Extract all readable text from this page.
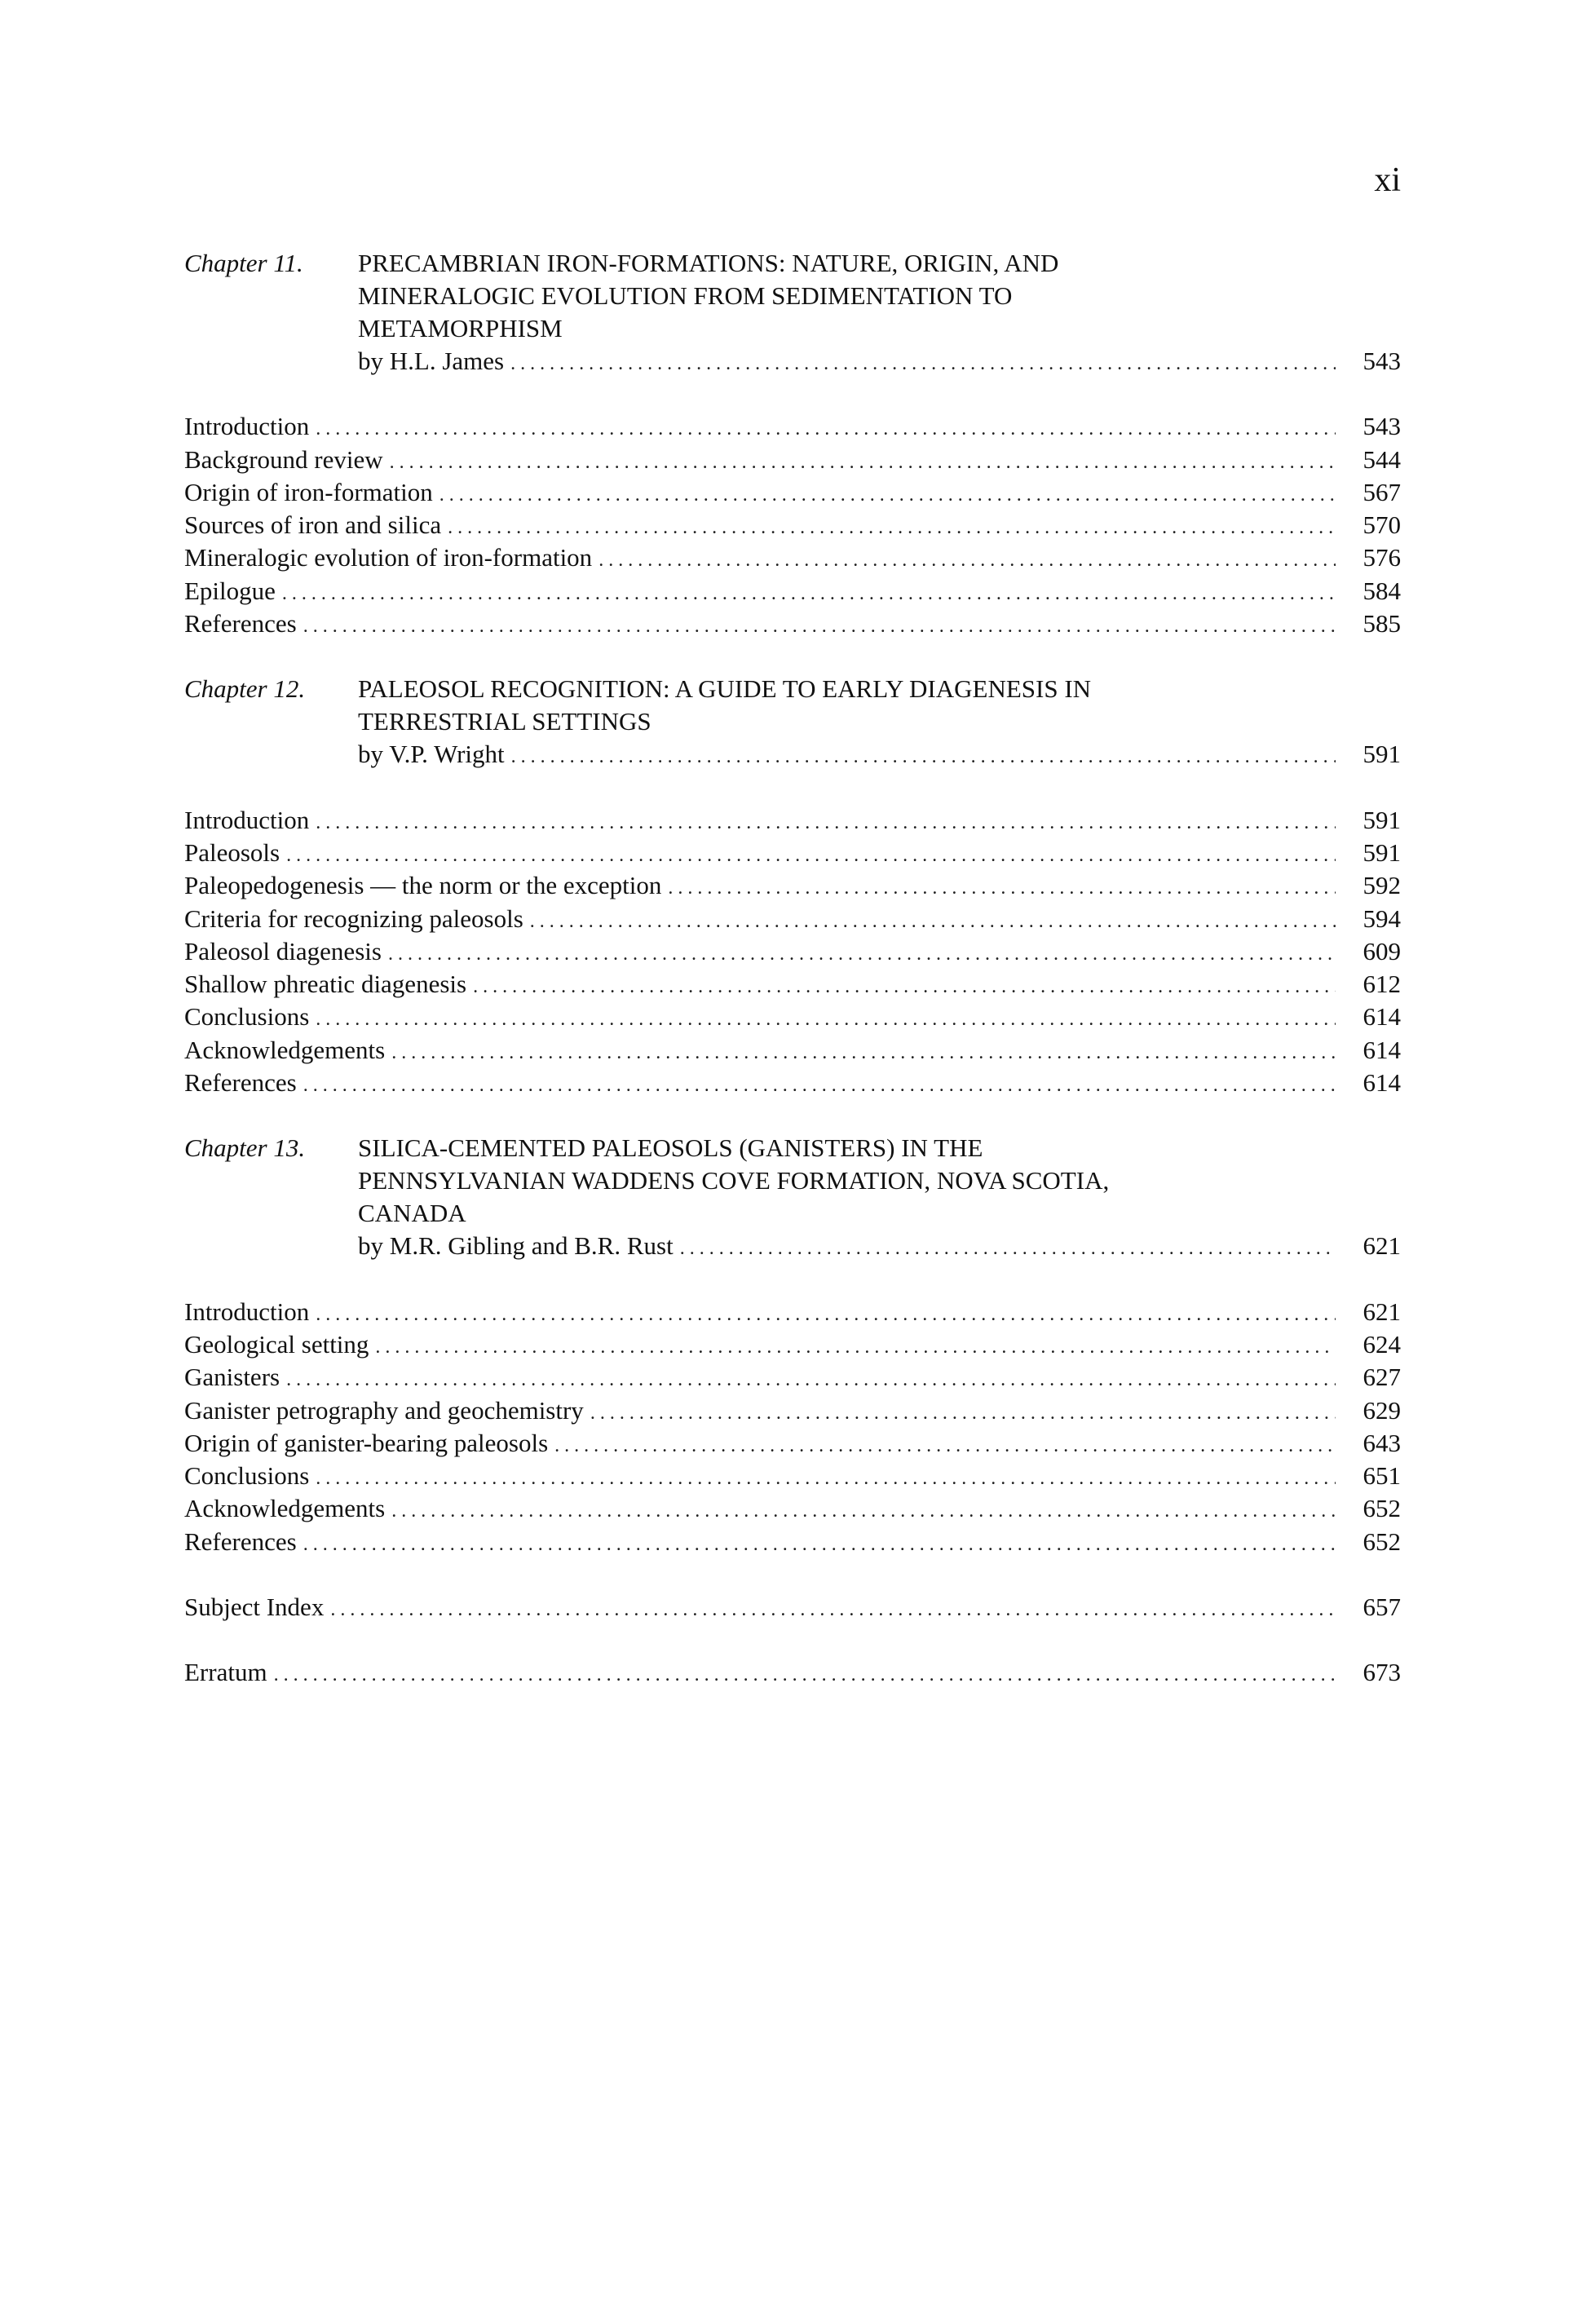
xi
Chapter 11.	PRECAMBRIAN IRON-FORMATIONS: NATURE, ORIGIN, AND
MINERALOGIC EVOLUTION FROM SEDIMENTATION TO
METAMORPHISM
by H.L. James .....	543
Introduction .....	543
Background review .....	544
Origin of iron-formation .....	567
Sources of iron and silica .....	570
Mineralogic evolution of iron-formation .....	576
Epilogue .....	584
References .....	585
Chapter 12.	PALEOSOL RECOGNITION: A GUIDE TO EARLY DIAGENESIS IN
TERRESTRIAL SETTINGS
by V.P. Wright .....	591
Introduction .....	591
Paleosols .....	591
Paleopedogenesis — the norm or the exception .....	592
Criteria for recognizing paleosols .....	594
Paleosol diagenesis .....	609
Shallow phreatic diagenesis .....	612
Conclusions .....	614
Acknowledgements .....	614
References .....	614
Chapter 13.	SILICA-CEMENTED PALEOSOLS (GANISTERS) IN THE
PENNSYLVANIAN WADDENS COVE FORMATION, NOVA SCOTIA,
CANADA
by M.R. Gibling and B.R. Rust .....	621
Introduction .....	621
Geological setting .....	624
Ganisters .....	627
Ganister petrography and geochemistry .....	629
Origin of ganister-bearing paleosols .....	643
Conclusions .....	651
Acknowledgements .....	652
References .....	652
Subject Index .....	657
Erratum .....	673
